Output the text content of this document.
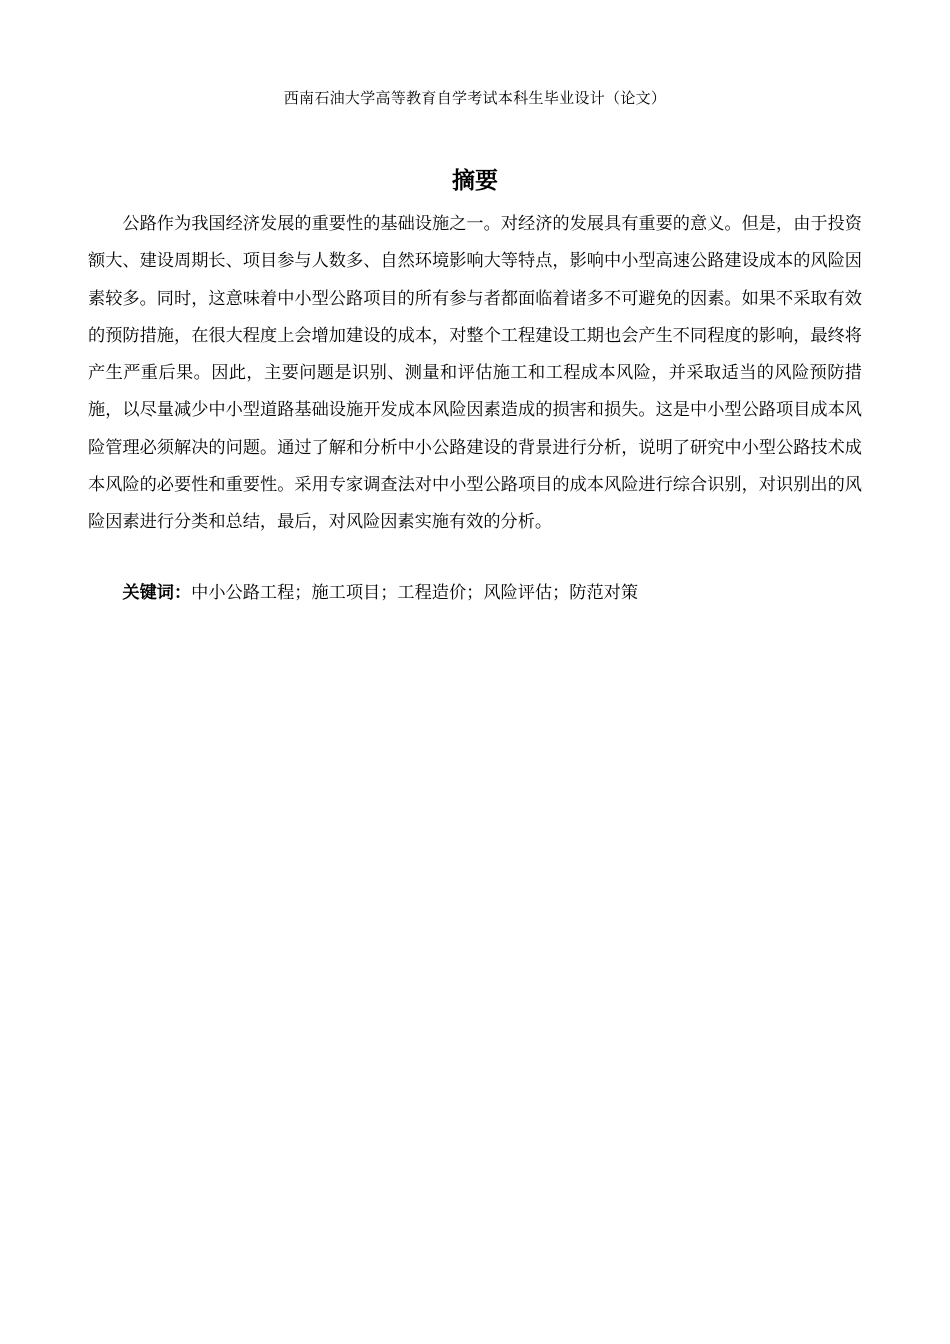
西南石油大学高等教育自学考试本科生毕业设计（论文）
摘要

公路作为我国经济发展的重要性的基础设施之一。对经济的发展具有重要的意义。但是，由于投资额大、建设周期长、项目参与人数多、自然环境影响大等特点，影响中小型高速公路建设成本的风险因素较多。同时，这意味着中小型公路项目的所有参与者都面临着诸多不可避免的因素。如果不采取有效的预防措施，在很大程度上会增加建设的成本，对整个工程建设工期也会产生不同程度的影响，最终将产生严重后果。因此，主要问题是识别、测量和评估施工和工程成本风险，并采取适当的风险预防措施，以尽量减少中小型道路基础设施开发成本风险因素造成的损害和损失。这是中小型公路项目成本风险管理必须解决的问题。通过了解和分析中小公路建设的背景进行分析，说明了研究中小型公路技术成本风险的必要性和重要性。采用专家调查法对中小型公路项目的成本风险进行综合识别，对识别出的风险因素进行分类和总结，最后，对风险因素实施有效的分析。

关键词：中小公路工程；施工项目；工程造价；风险评估；防范对策
